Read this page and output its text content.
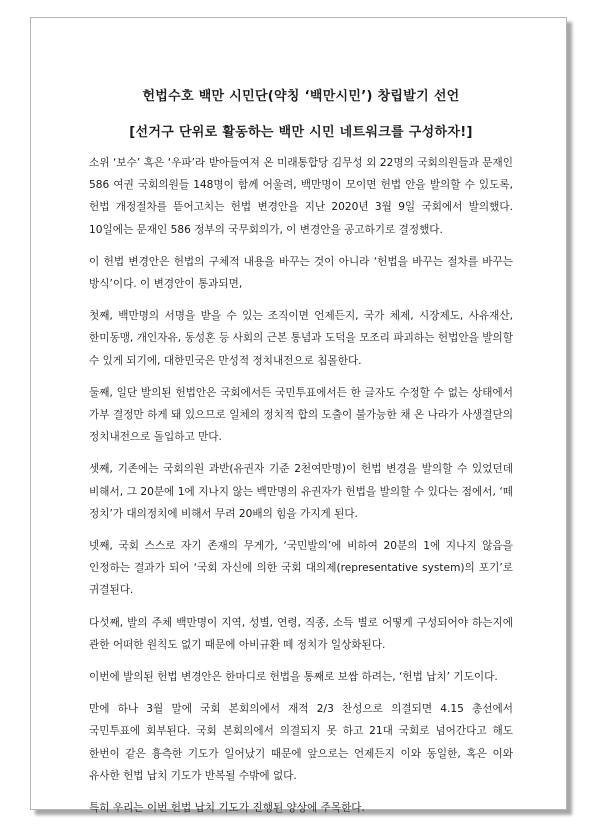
헌법수호 백만 시민단(약칭 ‘백만시민’) 창립발기 선언
[선거구 단위로 활동하는 백만 시민 네트워크를 구성하자!]

소위 ‘보수’ 혹은 ‘우파’라 받아들여져 온 미래통합당 김무성 외 22명의 국회의원들과 문재인 586 여권 국회의원들 148명이 함께 어울려, 백만명이 모이면 헌법 안을 발의할 수 있도록, 헌법 개정절차를 뜯어고치는 헌법 변경안을 지난 2020년 3월 9일 국회에서 발의했다. 10일에는 문재인 586 정부의 국무회의가, 이 변경안을 공고하기로 결정했다.

이 헌법 변경안은 헌법의 구체적 내용을 바꾸는 것이 아니라 ‘헌법을 바꾸는 절차를 바꾸는 방식’이다. 이 변경안이 통과되면,

첫째, 백만명의 서명을 받을 수 있는 조직이면 언제든지, 국가 체제, 시장제도, 사유재산, 한미동맹, 개인자유, 동성혼 등 사회의 근본 통념과 도덕을 모조리 파괴하는 헌법안을 발의할 수 있게 되기에, 대한민국은 만성적 정치내전으로 침몰한다.

둘째, 일단 발의된 헌법안은 국회에서든 국민투표에서든 한 글자도 수정할 수 없는 상태에서 가부 결정만 하게 돼 있으므로 일체의 정치적 합의 도출이 불가능한 채 온 나라가 사생결단의 정치내전으로 돌입하고 만다.

셋째, 기존에는 국회의원 과반(유권자 기준 2천여만명)이 헌법 변경을 발의할 수 있었던데 비해서, 그 20분에 1에 지나지 않는 백만명의 유권자가 헌법을 발의할 수 있다는 점에서, ‘떼 정치’가 대의정치에 비해서 무려 20배의 힘을 가지게 된다.

넷째, 국회 스스로 자기 존재의 무게가, ‘국민발의’에 비하여 20분의 1에 지나지 않음을 인정하는 결과가 되어 ‘국회 자신에 의한 국회 대의제(representative system)의 포기’로 귀결된다.

다섯째, 발의 주체 백만명이 지역, 성별, 연령, 직종, 소득 별로 어떻게 구성되어야 하는지에 관한 어떠한 원칙도 없기 때문에 아비규환 떼 정치가 일상화된다.

이번에 발의된 헌법 변경안은 한마디로 헌법을 통째로 보쌈 하려는, ‘헌법 납치’ 기도이다.

만에 하나 3월 말에 국회 본회의에서 재적 2/3 찬성으로 의결되면 4.15 총선에서 국민투표에 회부된다. 국회 본회의에서 의결되지 못 하고 21대 국회로 넘어간다고 해도 한번이 같은 흉측한 기도가 일어났기 때문에 앞으로는 언제든지 이와 동일한, 혹은 이와 유사한 헌법 납치 기도가 반복될 수밖에 없다.

특히 우리는 이번 헌법 납치 기도가 진행된 양상에 주목한다.
